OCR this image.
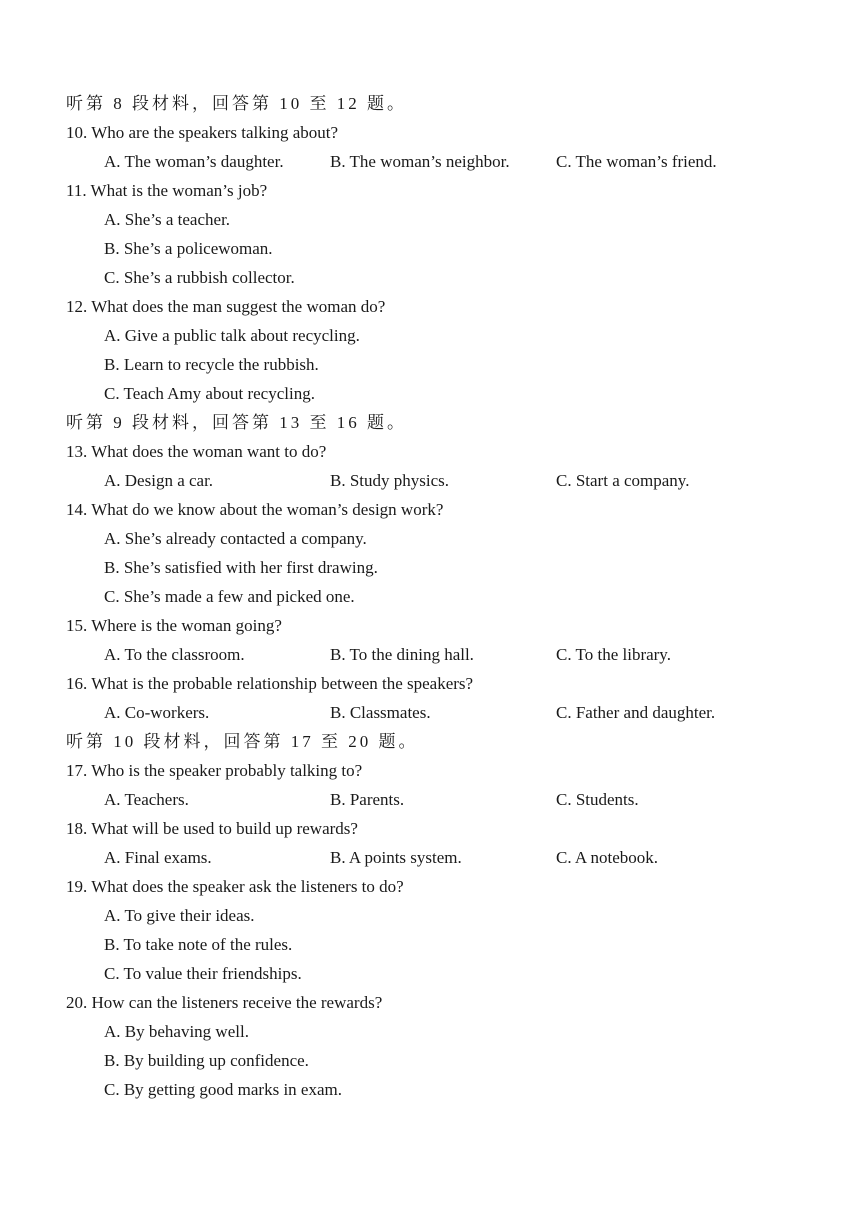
听第 8 段材料，回答第 10 至 12 题。
10. Who are the speakers talking about?
A. The woman’s daughter.	B. The woman’s neighbor.	C. The woman’s friend.
11. What is the woman’s job?
A. She’s a teacher.
B. She’s a policewoman.
C. She’s a rubbish collector.
12. What does the man suggest the woman do?
A. Give a public talk about recycling.
B. Learn to recycle the rubbish.
C. Teach Amy about recycling.
听第 9 段材料，回答第 13 至 16 题。
13. What does the woman want to do?
A. Design a car.	B. Study physics.	C. Start a company.
14. What do we know about the woman’s design work?
A. She’s already contacted a company.
B. She’s satisfied with her first drawing.
C. She’s made a few and picked one.
15. Where is the woman going?
A. To the classroom.	B. To the dining hall.	C. To the library.
16. What is the probable relationship between the speakers?
A. Co-workers.	B. Classmates.	C. Father and daughter.
听第 10 段材料，回答第 17 至 20 题。
17. Who is the speaker probably talking to?
A. Teachers.	B. Parents.	C. Students.
18. What will be used to build up rewards?
A. Final exams.	B. A points system.	C. A notebook.
19. What does the speaker ask the listeners to do?
A. To give their ideas.
B. To take note of the rules.
C. To value their friendships.
20. How can the listeners receive the rewards?
A. By behaving well.
B. By building up confidence.
C. By getting good marks in exam.
